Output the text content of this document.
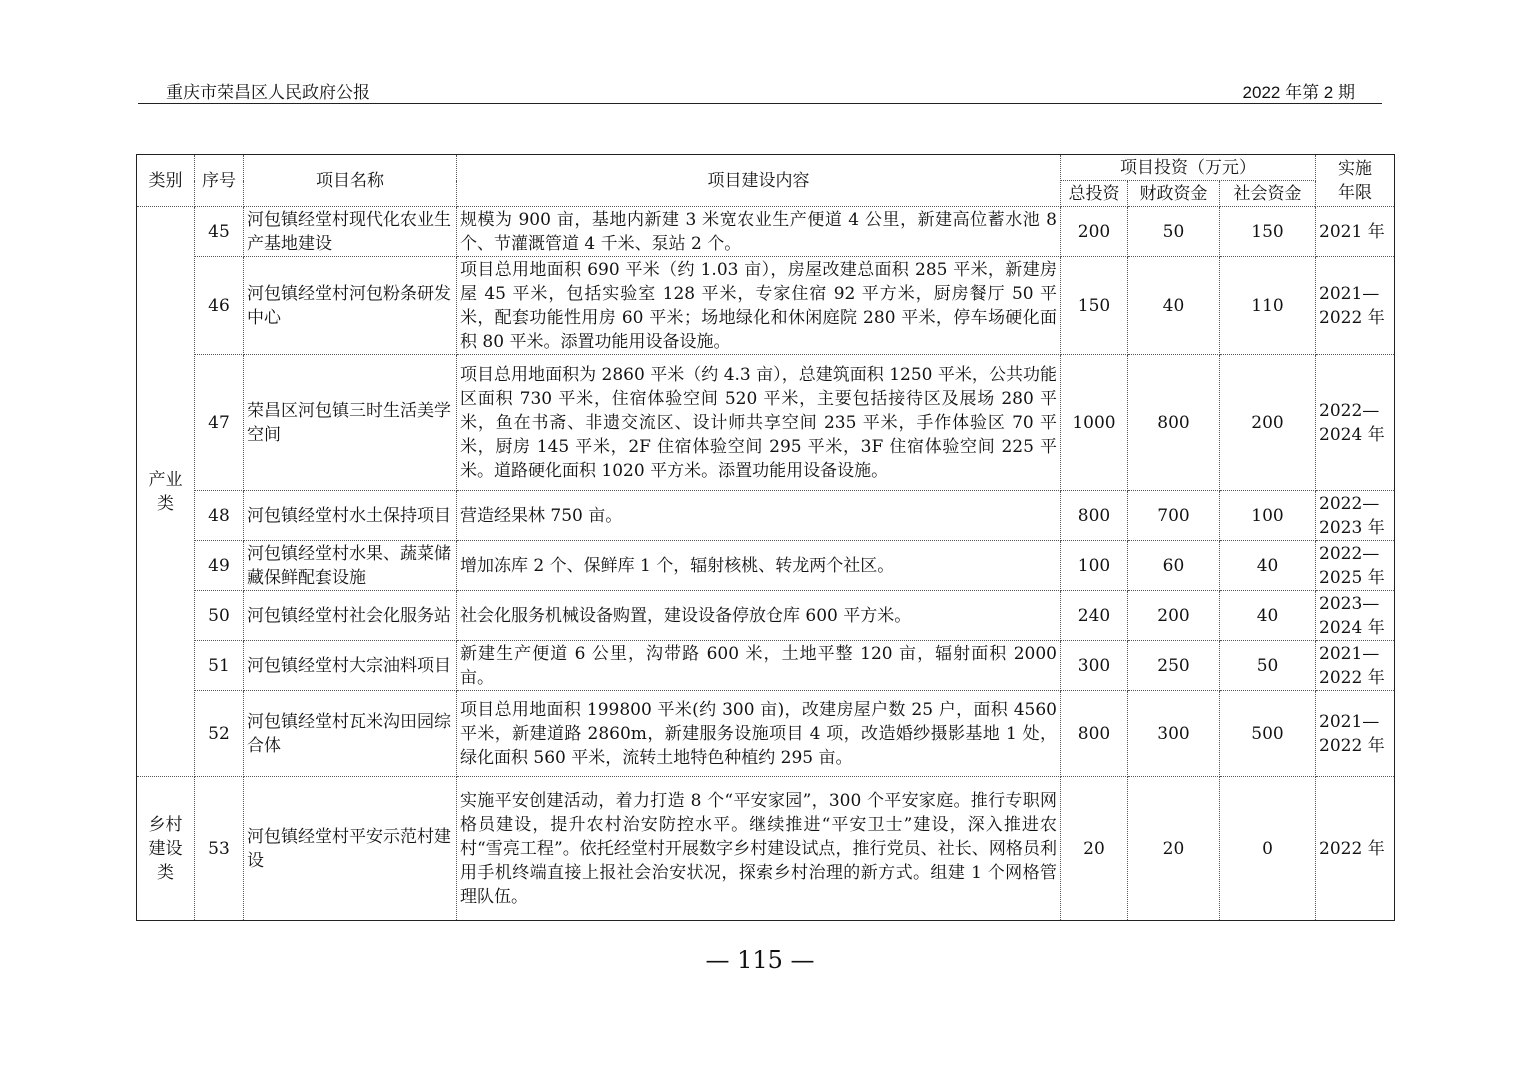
重庆市荣昌区人民政府公报	2022 年第 2 期
类别	序号	项目名称	项目建设内容	项目投资（万元）			实施年限
				总投资	财政资金	社会资金	
产业类	45	河包镇经堂村现代化农业生产基地建设	规模为 900 亩，基地内新建 3 米宽农业生产便道 4 公里，新建高位蓄水池 8 个、节灌溉管道 4 千米、泵站 2 个。	200	50	150	2021 年
	46	河包镇经堂村河包粉条研发中心	项目总用地面积 690 平米（约 1.03 亩），房屋改建总面积 285 平米，新建房屋 45 平米，包括实验室 128 平米，专家住宿 92 平方米，厨房餐厅 50 平米，配套功能性用房 60 平米；场地绿化和休闲庭院 280 平米，停车场硬化面积 80 平米。添置功能用设备设施。	150	40	110	2021—2022 年
	47	荣昌区河包镇三时生活美学空间	项目总用地面积为 2860 平米（约 4.3 亩），总建筑面积 1250 平米，公共功能区面积 730 平米，住宿体验空间 520 平米，主要包括接待区及展场 280 平米，鱼在书斋、非遗交流区、设计师共享空间 235 平米，手作体验区 70 平米，厨房 145 平米，2F 住宿体验空间 295 平米，3F 住宿体验空间 225 平米。道路硬化面积 1020 平方米。添置功能用设备设施。	1000	800	200	2022—2024 年
	48	河包镇经堂村水土保持项目	营造经果林 750 亩。	800	700	100	2022—2023 年
	49	河包镇经堂村水果、蔬菜储藏保鲜配套设施	增加冻库 2 个、保鲜库 1 个，辐射核桃、转龙两个社区。	100	60	40	2022—2025 年
	50	河包镇经堂村社会化服务站	社会化服务机械设备购置，建设设备停放仓库 600 平方米。	240	200	40	2023—2024 年
	51	河包镇经堂村大宗油料项目	新建生产便道 6 公里，沟带路 600 米，土地平整 120 亩，辐射面积 2000 亩。	300	250	50	2021—2022 年
	52	河包镇经堂村瓦米沟田园综合体	项目总用地面积 199800 平米(约 300 亩)，改建房屋户数 25 户，面积 4560 平米，新建道路 2860m，新建服务设施项目 4 项，改造婚纱摄影基地 1 处，绿化面积 560 平米，流转土地特色种植约 295 亩。	800	300	500	2021—2022 年
乡村建设类	53	河包镇经堂村平安示范村建设	实施平安创建活动，着力打造 8 个“平安家园”，300 个平安家庭。推行专职网格员建设，提升农村治安防控水平。继续推进“平安卫士”建设，深入推进农村“雪亮工程”。依托经堂村开展数字乡村建设试点，推行党员、社长、网格员利用手机终端直接上报社会治安状况，探索乡村治理的新方式。组建 1 个网格管理队伍。	20	20	0	2022 年
— 115 —
